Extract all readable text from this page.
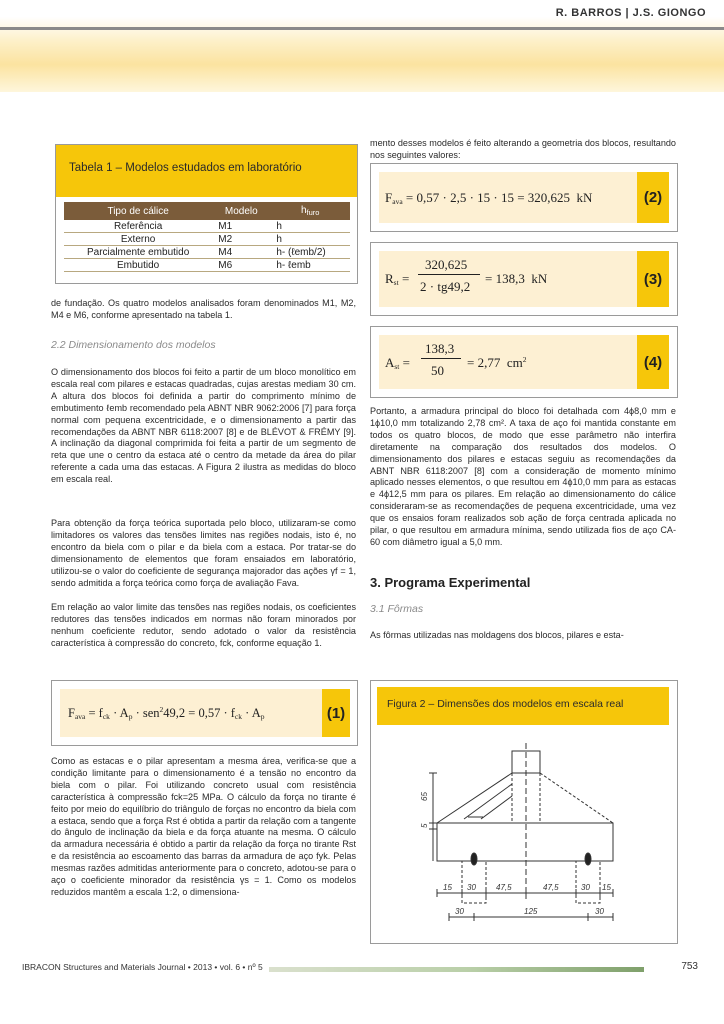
R. BARROS | J.S. GIONGO
Tabela 1 – Modelos estudados em laboratório
Tipo de cálice	Modelo	$h_{furo}$
Referência	M1	h
Externo	M2	h
Parcialmente embutido	M4	h- (ℓemb/2)
Embutido	M6	h- ℓemb
de fundação. Os quatro modelos analisados foram denominados M1, M2, M4 e M6, conforme apresentado na tabela 1.
2.2 Dimensionamento dos modelos
O dimensionamento dos blocos foi feito a partir de um bloco monolítico em escala real com pilares e estacas quadradas, cujas arestas mediam 30 cm. A altura dos blocos foi definida a partir do comprimento mínimo de embutimento ℓemb recomendado pela ABNT NBR 9062:2006 [7] para força normal com pequena excentricidade, e o dimensionamento a partir das recomendações da ABNT NBR 6118:2007 [8] e de BLÉVOT & FRÉMY [9]. A inclinação da diagonal comprimida foi feita a partir de um segmento de reta que une o centro da estaca até o centro da metade da área do pilar referente a cada uma das estacas. A Figura 2 ilustra as medidas do bloco em escala real.
Para obtenção da força teórica suportada pelo bloco, utilizaram-se como limitadores os valores das tensões limites nas regiões nodais, isto é, no encontro da biela com o pilar e da biela com a estaca. Por tratar-se do dimensionamento de elementos que foram ensaiados em laboratório, utilizou-se o valor do coeficiente de segurança majorador das ações γf = 1, sendo admitida a força teórica como força de avaliação Fava.
Em relação ao valor limite das tensões nas regiões nodais, os coeficientes redutores das tensões indicados em normas não foram minorados por nenhum coeficiente redutor, sendo adotado o valor da resistência característica à compressão do concreto, fck, conforme equação 1.
$F_{ava} = f_{ck} \cdot A_p \cdot sen^249,2 = 0,57 \cdot f_{ck} \cdot A_p$	(1)
Como as estacas e o pilar apresentam a mesma área, verifica-se que a condição limitante para o dimensionamento é a tensão no encontro da biela com o pilar. Foi utilizando concreto usual com resistência característica à compressão fck=25 MPa. O cálculo da força no tirante é feito por meio do equilíbrio do triângulo de forças no encontro da biela com a estaca, sendo que a força Rst é obtida a partir da relação com a tangente do ângulo de inclinação da biela e da força atuante na mesma. O cálculo da armadura necessária é obtido a partir da relação da força no tirante Rst e da resistência ao escoamento das barras da armadura de aço fyk. Pelas mesmas razões admitidas anteriormente para o concreto, adotou-se para o aço o coeficiente minorador da resistência γs = 1. Como os modelos reduzidos mantêm a escala 1:2, o dimensiona-
mento desses modelos é feito alterando a geometria dos blocos, resultando nos seguintes valores:
$F_{ava} = 0,57 \cdot 2,5 \cdot 15 \cdot 15 = 320,625$  kN	(2)
$R_{st}$ =
320,625
2 · tg49,2
= 138,3  kN	(3)
$A_{st}$ =
138,3
50
= 2,77  $cm^2$	(4)
Portanto, a armadura principal do bloco foi detalhada com 4ϕ8,0 mm e 1ϕ10,0 mm totalizando 2,78 cm². A taxa de aço foi mantida constante em todos os quatro blocos, de modo que esse parâmetro não interfira diretamente na comparação dos resultados dos modelos. O dimensionamento dos pilares e estacas seguiu as recomendações da ABNT NBR 6118:2007 [8] com a consideração de momento mínimo aplicado nesses elementos, o que resultou em 4ϕ10,0 mm para as estacas e 4ϕ12,5 mm para os pilares. Em relação ao dimensionamento do cálice consideraram-se as recomendações de pequena excentricidade, uma vez que os ensaios foram realizados sob ação de força centrada aplicada no pilar, o que resultou em armadura mínima, sendo utilizada fios de aço CA-60 com diâmetro igual a 5,0 mm.
3. Programa Experimental
3.1 Fôrmas
As fôrmas utilizadas nas moldagens dos blocos, pilares e esta-
Figura 2 – Dimensões dos modelos em escala real
65
5
15 30	47,5	47,5	30 15
30	125	30
IBRACON Structures and Materials Journal • 2013 • vol. 6 • nº 5	753
